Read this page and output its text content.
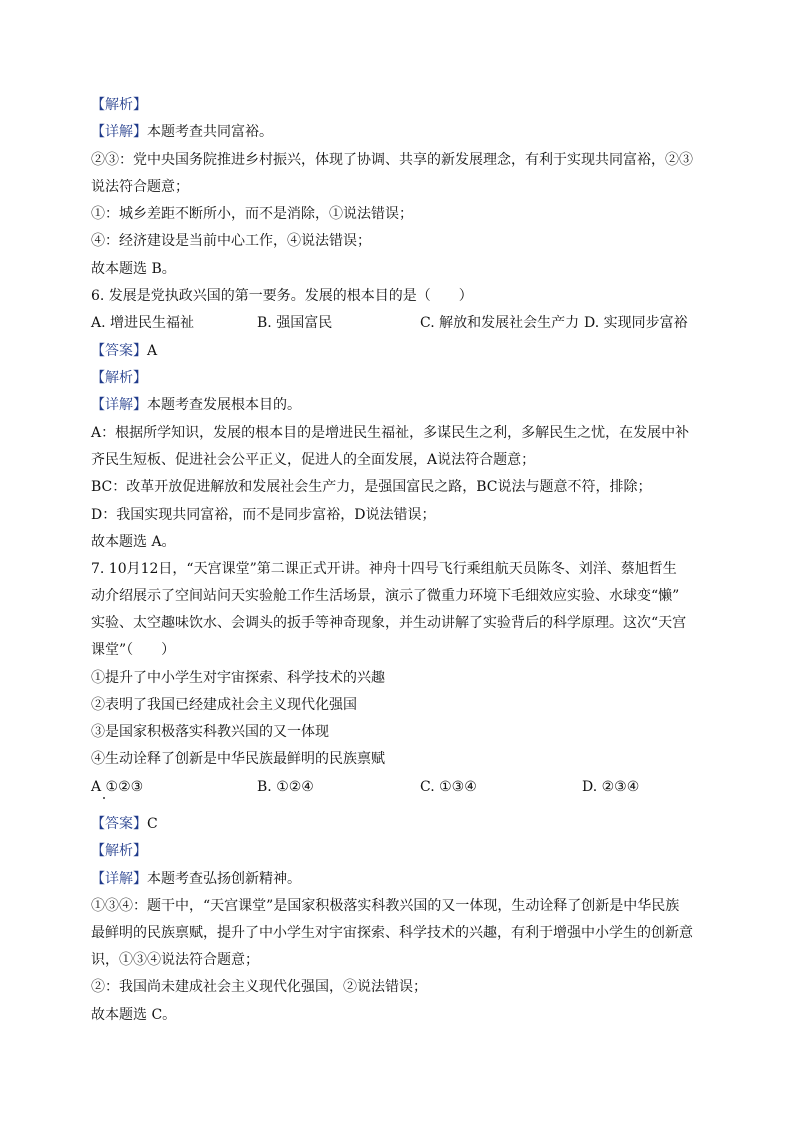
【解析】
【详解】本题考查共同富裕。
②③：党中央国务院推进乡村振兴，体现了协调、共享的新发展理念，有利于实现共同富裕，②③
说法符合题意；
①：城乡差距不断所小，而不是消除，①说法错误；
④：经济建设是当前中心工作，④说法错误；
故本题选 B。
6. 发展是党执政兴国的第一要务。发展的根本目的是（　　）
A. 增进民生福祉	B. 强国富民	C. 解放和发展社会生产力 D. 实现同步富裕
【答案】A
【解析】
【详解】本题考查发展根本目的。
A：根据所学知识，发展的根本目的是增进民生福祉，多谋民生之利，多解民生之忧，在发展中补
齐民生短板、促进社会公平正义，促进人的全面发展，A说法符合题意；
BC：改革开放促进解放和发展社会生产力，是强国富民之路，BC说法与题意不符，排除；
D：我国实现共同富裕，而不是同步富裕，D说法错误；
故本题选 A。
7. 10月12日，“天宫课堂”第二课正式开讲。神舟十四号飞行乘组航天员陈冬、刘洋、蔡旭哲生
动介绍展示了空间站问天实验舱工作生活场景，演示了微重力环境下毛细效应实验、水球变“懒”
实验、太空趣味饮水、会调头的扳手等神奇现象，并生动讲解了实验背后的科学原理。这次“天宫
课堂”（　　）
①提升了中小学生对宇宙探索、科学技术的兴趣
②表明了我国已经建成社会主义现代化强国
③是国家积极落实科教兴国的又一体现
④生动诠释了创新是中华民族最鲜明的民族禀赋
A ①②③	B. ①②④	C. ①③④	D. ②③④
【答案】C
【解析】
【详解】本题考查弘扬创新精神。
①③④：题干中，“天宫课堂”是国家积极落实科教兴国的又一体现，生动诠释了创新是中华民族
最鲜明的民族禀赋，提升了中小学生对宇宙探索、科学技术的兴趣，有利于增强中小学生的创新意
识，①③④说法符合题意；
②：我国尚未建成社会主义现代化强国，②说法错误；
故本题选 C。
